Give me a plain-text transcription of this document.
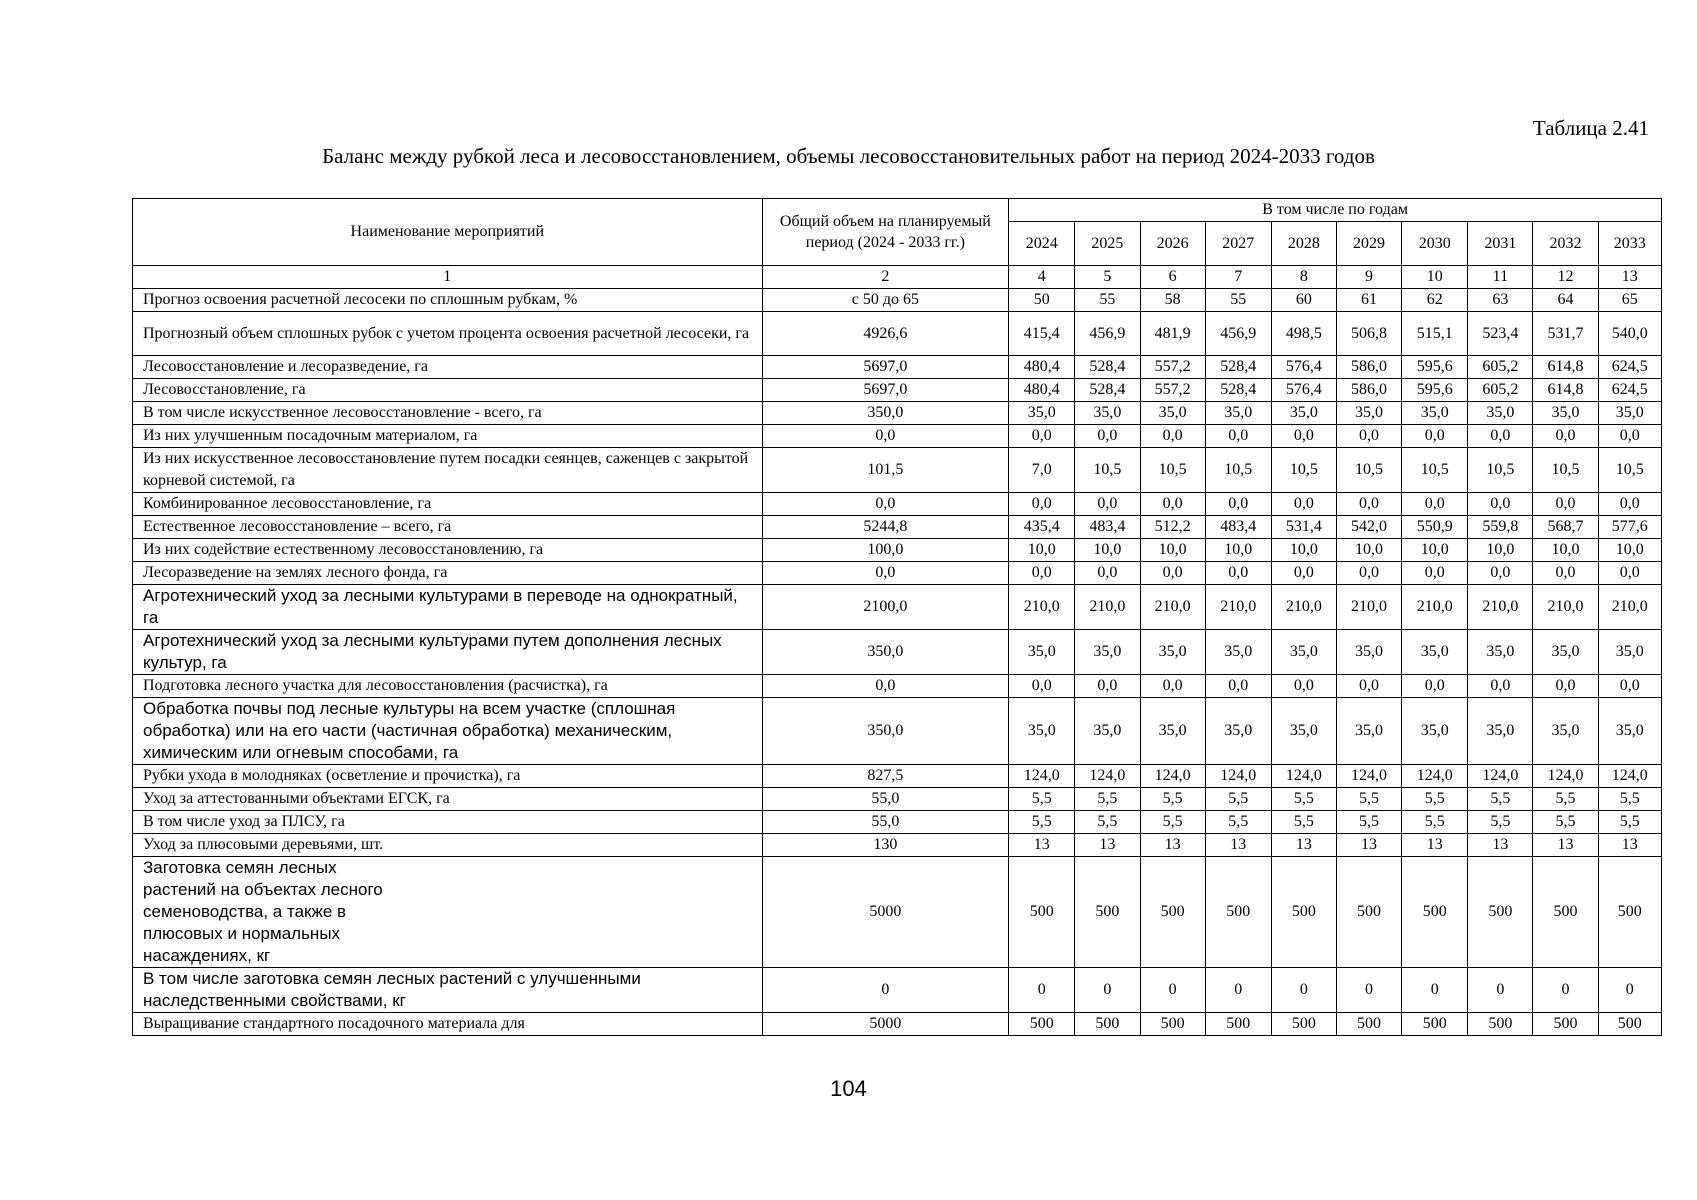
Таблица 2.41
Баланс между рубкой леса и лесовосстановлением, объемы лесовосстановительных работ на период 2024-2033 годов
Наименование мероприятий	Общий объем на планируемый период (2024 - 2033 гг.)	В том числе по годам									
		2024	2025	2026	2027	2028	2029	2030	2031	2032	2033
1	2	4	5	6	7	8	9	10	11	12	13
Прогноз освоения расчетной лесосеки по сплошным рубкам, %	с 50 до 65	50	55	58	55	60	61	62	63	64	65
Прогнозный объем сплошных рубок с учетом процента освоения расчетной лесосеки, га	4926,6	415,4	456,9	481,9	456,9	498,5	506,8	515,1	523,4	531,7	540,0
Лесовосстановление и лесоразведение, га	5697,0	480,4	528,4	557,2	528,4	576,4	586,0	595,6	605,2	614,8	624,5
Лесовосстановление, га	5697,0	480,4	528,4	557,2	528,4	576,4	586,0	595,6	605,2	614,8	624,5
В том числе искусственное лесовосстановление - всего, га	350,0	35,0	35,0	35,0	35,0	35,0	35,0	35,0	35,0	35,0	35,0
Из них улучшенным посадочным материалом, га	0,0	0,0	0,0	0,0	0,0	0,0	0,0	0,0	0,0	0,0	0,0
Из них искусственное лесовосстановление путем посадки сеянцев, саженцев с закрытой корневой системой, га	101,5	7,0	10,5	10,5	10,5	10,5	10,5	10,5	10,5	10,5	10,5
Комбинированное лесовосстановление, га	0,0	0,0	0,0	0,0	0,0	0,0	0,0	0,0	0,0	0,0	0,0
Естественное лесовосстановление – всего, га	5244,8	435,4	483,4	512,2	483,4	531,4	542,0	550,9	559,8	568,7	577,6
Из них содействие естественному лесовосстановлению, га	100,0	10,0	10,0	10,0	10,0	10,0	10,0	10,0	10,0	10,0	10,0
Лесоразведение на землях лесного фонда, га	0,0	0,0	0,0	0,0	0,0	0,0	0,0	0,0	0,0	0,0	0,0
Агротехнический уход за лесными культурами в переводе на однократный, га	2100,0	210,0	210,0	210,0	210,0	210,0	210,0	210,0	210,0	210,0	210,0
Агротехнический уход за лесными культурами путем дополнения лесных культур, га	350,0	35,0	35,0	35,0	35,0	35,0	35,0	35,0	35,0	35,0	35,0
Подготовка лесного участка для лесовосстановления (расчистка), га	0,0	0,0	0,0	0,0	0,0	0,0	0,0	0,0	0,0	0,0	0,0
Обработка почвы под лесные культуры на всем участке (сплошная обработка) или на его части (частичная обработка) механическим, химическим или огневым способами, га	350,0	35,0	35,0	35,0	35,0	35,0	35,0	35,0	35,0	35,0	35,0
Рубки ухода в молодняках (осветление и прочистка), га	827,5	124,0	124,0	124,0	124,0	124,0	124,0	124,0	124,0	124,0	124,0
Уход за аттестованными объектами ЕГСК, га	55,0	5,5	5,5	5,5	5,5	5,5	5,5	5,5	5,5	5,5	5,5
В том числе уход за ПЛСУ, га	55,0	5,5	5,5	5,5	5,5	5,5	5,5	5,5	5,5	5,5	5,5
Уход за плюсовыми деревьями, шт.	130	13	13	13	13	13	13	13	13	13	13
Заготовка семян лесных
растений на объектах лесного
семеноводства, а также в
плюсовых и нормальных
насаждениях, кг	5000	500	500	500	500	500	500	500	500	500	500
В том числе заготовка семян лесных растений с улучшенными наследственными свойствами, кг	0	0	0	0	0	0	0	0	0	0	0
Выращивание стандартного посадочного материала для	5000	500	500	500	500	500	500	500	500	500	500
104
